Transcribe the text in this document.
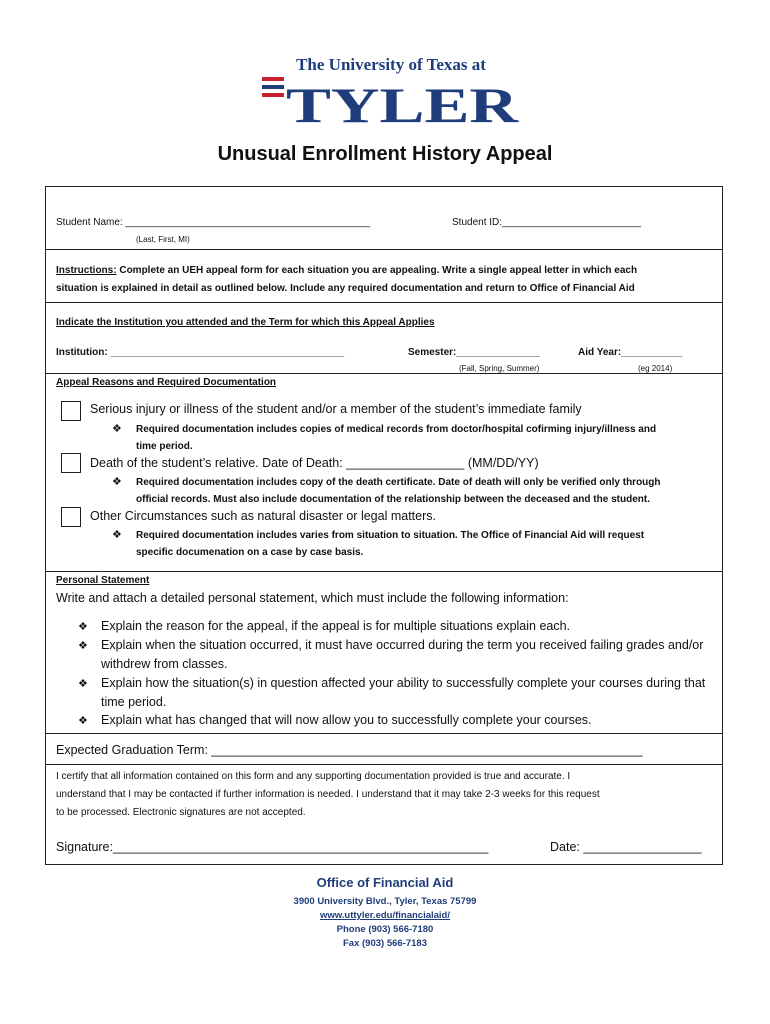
The University of Texas at
TYLER
Unusual Enrollment History Appeal
Student Name: ____________________________________________
(Last, First, MI)
Student ID:_________________________
Instructions: Complete an UEH appeal form for each situation you are appealing. Write a single appeal letter in which each
situation is explained in detail as outlined below. Include any required documentation and return to Office of Financial Aid
Indicate the Institution you attended and the Term for which this Appeal Applies
Institution: __________________________________________	Semester:_______________
(Fall, Spring, Summer)
Aid Year:___________
(eg 2014)
Appeal Reasons and Required Documentation
Serious injury or illness of the student and/or a member of the student’s immediate family
❖ Required documentation includes copies of medical records from doctor/hospital cofirming injury/illness and
time period.
Death of the student’s relative. Date of Death: _________________ (MM/DD/YY)
❖ Required documentation includes copy of the death certificate. Date of death will only be verified only through
official records. Must also include documentation of the relationship between the deceased and the student.
Other Circumstances such as natural disaster or legal matters.
❖ Required documentation includes varies from situation to situation. The Office of Financial Aid will request
specific documenation on a case by case basis.
Personal Statement
Write and attach a detailed personal statement, which must include the following information:
❖ Explain the reason for the appeal, if the appeal is for multiple situations explain each.
❖ Explain when the situation occurred, it must have occurred during the term you received failing grades and/or
withdrew from classes.
❖ Explain how the situation(s) in question affected your ability to successfully complete your courses during that
time period.
❖ Explain what has changed that will now allow you to successfully complete your courses.
Expected Graduation Term: ______________________________________________________________
I certify that all information contained on this form and any supporting documentation provided is true and accurate. I
understand that I may be contacted if further information is needed. I understand that it may take 2-3 weeks for this request
to be processed. Electronic signatures are not accepted.
Signature:______________________________________________________	Date: _________________
Office of Financial Aid
3900 University Blvd., Tyler, Texas 75799
www.uttyler.edu/financialaid/
Phone (903) 566-7180
Fax (903) 566-7183
